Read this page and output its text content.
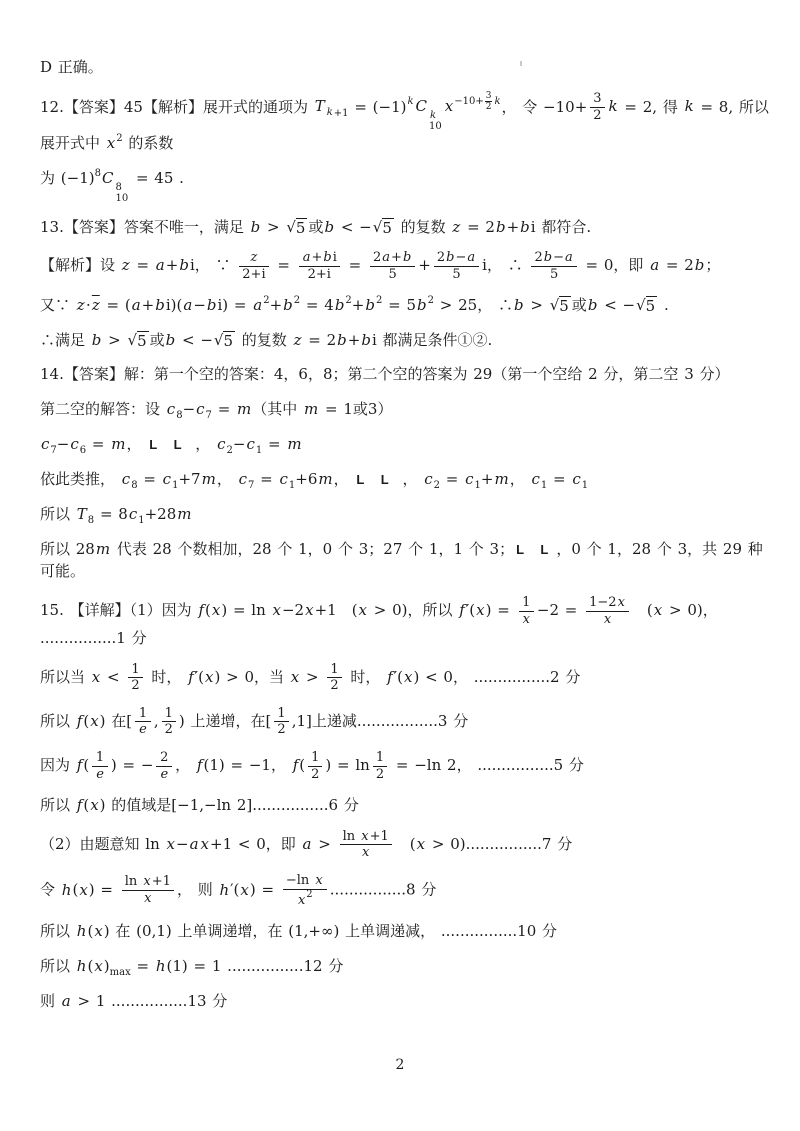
D 正确。
12.【答案】45【解析】展开式的通项为 T $_{k+1} = (-1)^k$ C
k
10
$x^{-10+ \frac{3}{2} k}$， 令 $-10+ \frac{3}{2}$ k = 2, 得 k = 8, 所以展开式中 $x^2$ 的系数
为 $(-1)^8C$
8
10
= 45 .
13.【答案】答案不唯一，满足 b > √ 5 或b < − √ 5 的复数 z = 2b+bi 都符合.
【解析】设 z = a+bi， ∵ $\frac{z}{2+i} = \frac{a+bi}{2+i} = \frac{2a+b}{5} + \frac{2b-a}{5}$ i， ∴ $\frac{2b-a}{5} = 0$，即 a = 2b；
又∵ $z\cdot\overline{z} = (a+bi)(a-bi) = a^2+b^2 = 4b^2+b^2 = 5b^2 > 25$， ∴b > √ 5 或b < − √ 5 .
∴满足 b > √ 5 或b < − √ 5 的复数 z = 2b+bi 都满足条件①②.
14.【答案】解：第一个空的答案：4，6，8；第二个空的答案为 29（第一个空给 2 分，第二空 3 分）
第二空的解答：设 $c_8-c_7 = m$（其中 m = 1或3）
$c_7-c_6 = m$， L L ， $c_2-c_1 = m$
依此类推， $c_8 = c_1+7m$， $c_7 = c_1+6m$， L L ， $c_2 = c_1+m$， $c_1 = c_1$
所以 $T_8 = 8c_1+28m$
所以 28m 代表 28 个数相加，28 个 1，0 个 3；27 个 1，1 个 3； L L ，0 个 1，28 个 3，共 29 种可能。
15. 【详解】（1）因为 f(x) = ln x−2x+1　(x > 0)，所以 $f'(x) = \frac{1}{x} -2 = \frac{1-2x}{x}$ 　(x > 0)， ................1 分
所以当 $x < \frac{1}{2}$ 时， f′(x) > 0，当 $x > \frac{1}{2}$ 时， f′(x) < 0， ................2 分
所以 f(x) 在[ $\frac{1}{e}$ , $\frac{1}{2}$ ) 上递增，在[ $\frac{1}{2} ,1$]上递减.................3 分
因为 $f( \frac{1}{e}$ ) = − $\frac{2}{e}$ ， f(1) = −1， $f( \frac{1}{2}$ ) = $\ln \frac{1}{2} = -\ln$ 2， ................5 分
所以 f(x) 的值域是[−1,−ln 2]................6 分
（2）由题意知 ln x−a x+1 < 0，即 $a > \frac{\text{ln x+1}}{x}$ 　(x > 0)................7 分
令 $h(x) = \frac{\text{ln x+1}}{x}$ ， 则 $h'(x) = \frac{\text{−ln x}}{x^2} ................8$ 分
所以 h(x) 在 (0,1) 上单调递增，在 (1,+∞) 上单调递减， ................10 分
所以 $h(x)_{max} = h(1) = 1$ ................12 分
则 a > 1 ................13 分
2
